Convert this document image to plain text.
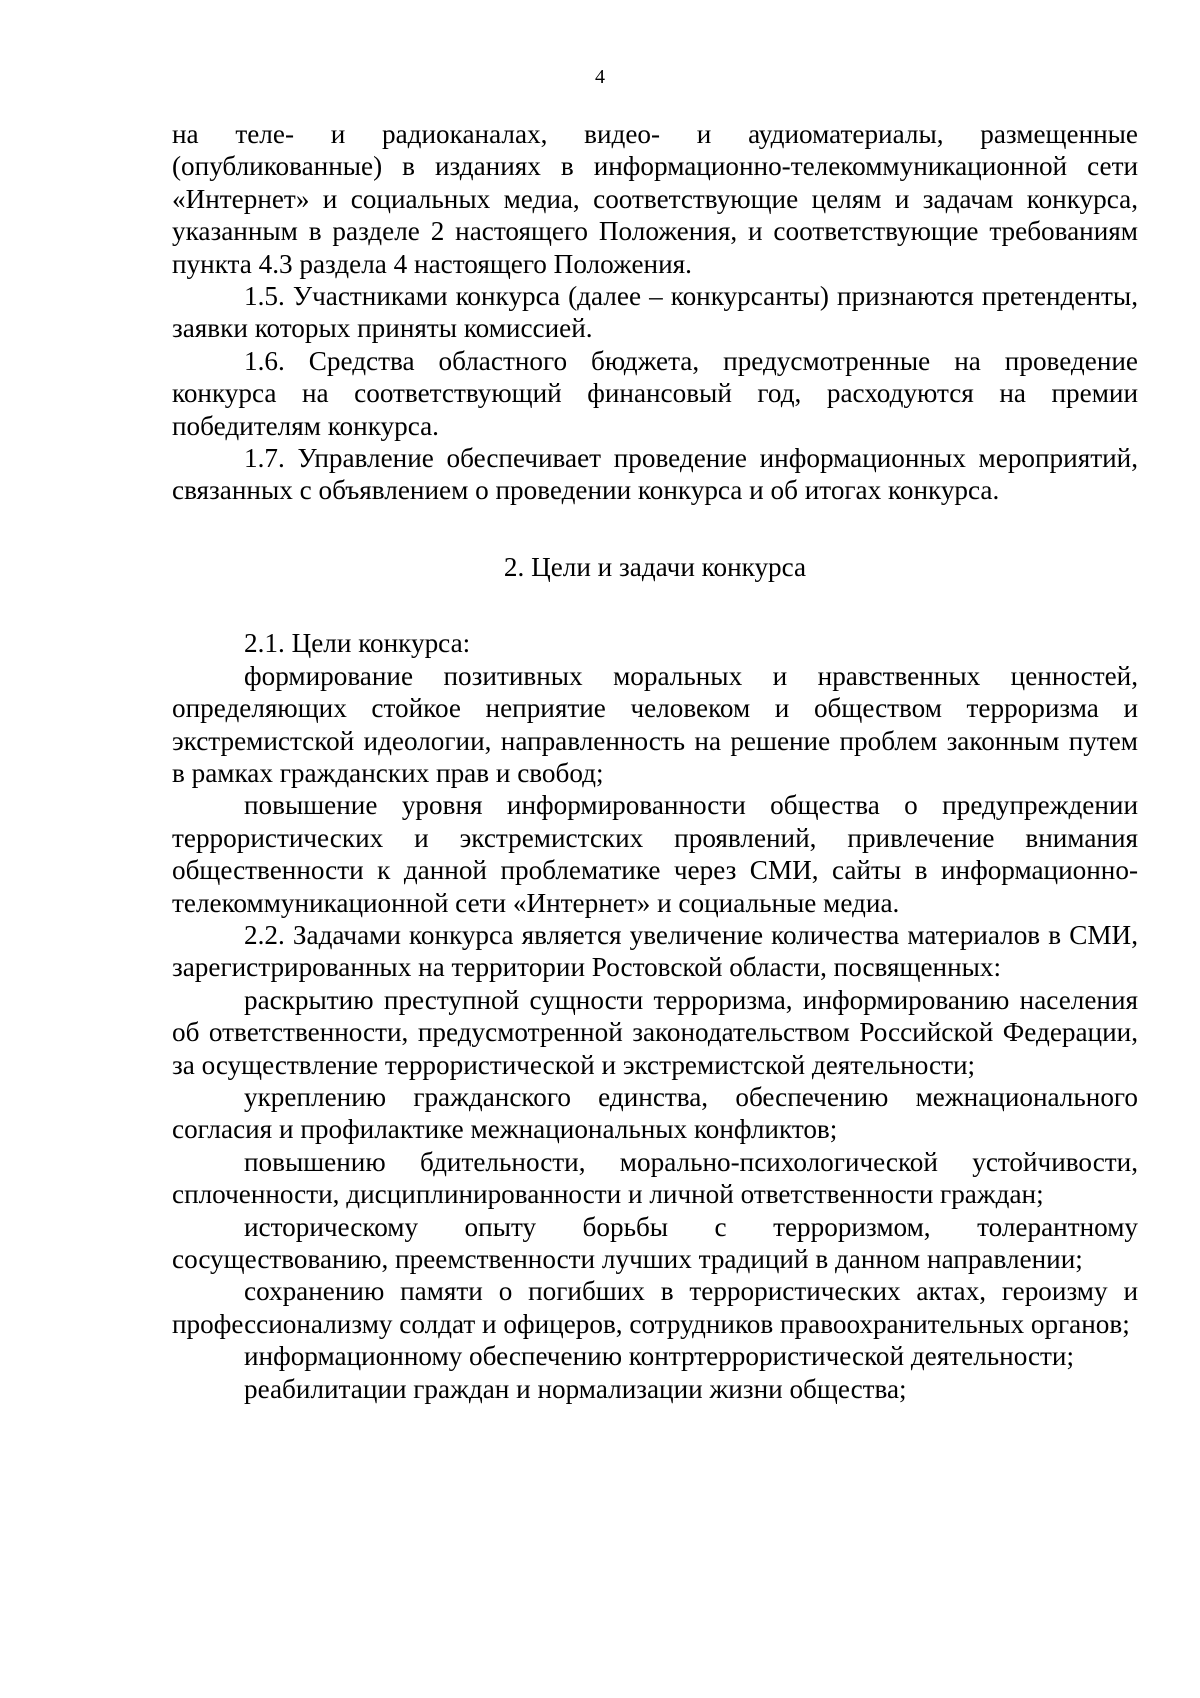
4

на теле- и радиоканалах, видео- и аудиоматериалы, размещенные (опубликованные) в изданиях в информационно-телекоммуникационной сети «Интернет» и социальных медиа, соответствующие целям и задачам конкурса, указанным в разделе 2 настоящего Положения, и соответствующие требованиям пункта 4.3 раздела 4 настоящего Положения.

1.5. Участниками конкурса (далее – конкурсанты) признаются претенденты, заявки которых приняты комиссией.

1.6. Средства областного бюджета, предусмотренные на проведение конкурса на соответствующий финансовый год, расходуются на премии победителям конкурса.

1.7. Управление обеспечивает проведение информационных мероприятий, связанных с объявлением о проведении конкурса и об итогах конкурса.

2. Цели и задачи конкурса

2.1. Цели конкурса:

формирование позитивных моральных и нравственных ценностей, определяющих стойкое неприятие человеком и обществом терроризма и экстремистской идеологии, направленность на решение проблем законным путем в рамках гражданских прав и свобод;

повышение уровня информированности общества о предупреждении террористических и экстремистских проявлений, привлечение внимания общественности к данной проблематике через СМИ, сайты в информационно-телекоммуникационной сети «Интернет» и социальные медиа.

2.2. Задачами конкурса является увеличение количества материалов в СМИ, зарегистрированных на территории Ростовской области, посвященных:

раскрытию преступной сущности терроризма, информированию населения об ответственности, предусмотренной законодательством Российской Федерации, за осуществление террористической и экстремистской деятельности;

укреплению гражданского единства, обеспечению межнационального согласия и профилактике межнациональных конфликтов;

повышению бдительности, морально-психологической устойчивости, сплоченности, дисциплинированности и личной ответственности граждан;

историческому опыту борьбы с терроризмом, толерантному сосуществованию, преемственности лучших традиций в данном направлении;

сохранению памяти о погибших в террористических актах, героизму и профессионализму солдат и офицеров, сотрудников правоохранительных органов;

информационному обеспечению контртеррористической деятельности;

реабилитации граждан и нормализации жизни общества;
